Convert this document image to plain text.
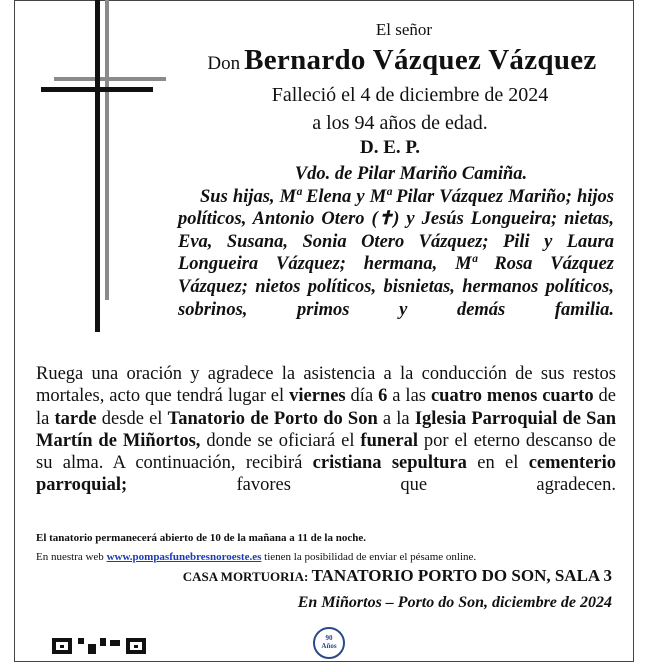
El señor
Don Bernardo Vázquez Vázquez
Falleció el 4 de diciembre de 2024
a los 94 años de edad.
D. E. P.

Vdo. de Pilar Mariño Camiña.

Sus hijas, Mª Elena y Mª Pilar Vázquez Mariño; hijos políticos, Antonio Otero (✝) y Jesús Longueira; nietas, Eva, Susana, Sonia Otero Vázquez; Pili y Laura Longueira Vázquez; hermana, Mª Rosa Vázquez Vázquez; nietos políticos, bisnietas, hermanos políticos, sobrinos, primos y demás familia.

Ruega una oración y agradece la asistencia a la conducción de sus restos mortales, acto que tendrá lugar el viernes día 6 a las cuatro menos cuarto de la tarde desde el Tanatorio de Porto do Son a la Iglesia Parroquial de San Martín de Miñortos, donde se oficiará el funeral por el eterno descanso de su alma. A continuación, recibirá cristiana sepultura en el cementerio parroquial; favores que agradecen.
El tanatorio permanecerá abierto de 10 de la mañana a 11 de la noche.
En nuestra web www.pompasfunebresnoroeste.es tienen la posibilidad de enviar el pésame online.
CASA MORTUORIA: TANATORIO PORTO DO SON, SALA 3
En Miñortos – Porto do Son, diciembre de 2024
90
Años
